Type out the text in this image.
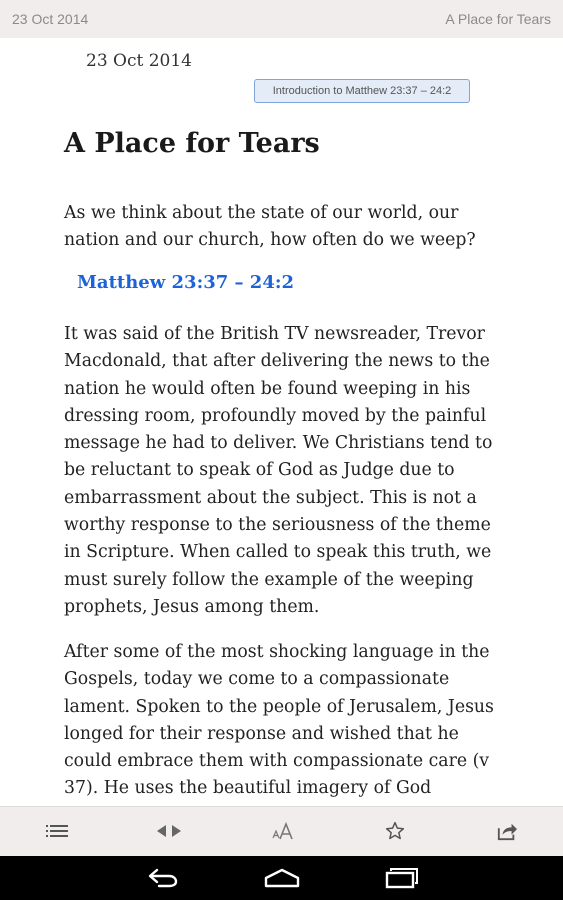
23 Oct 2014	A Place for Tears
23 Oct 2014
Introduction to Matthew 23:37 – 24:2
A Place for Tears

As we think about the state of our world, our nation and our church, how often do we weep?

Matthew 23:37 – 24:2

It was said of the British TV newsreader, Trevor Macdonald, that after delivering the news to the nation he would often be found weeping in his dressing room, profoundly moved by the painful message he had to deliver. We Christians tend to be reluctant to speak of God as Judge due to embarrassment about the subject. This is not a worthy response to the seriousness of the theme in Scripture. When called to speak this truth, we must surely follow the example of the weeping prophets, Jesus among them.

After some of the most shocking language in the Gospels, today we come to a compassionate lament. Spoken to the people of Jerusalem, Jesus longed for their response and wished that he could embrace them with compassionate care (v 37). He uses the beautiful imagery of God
